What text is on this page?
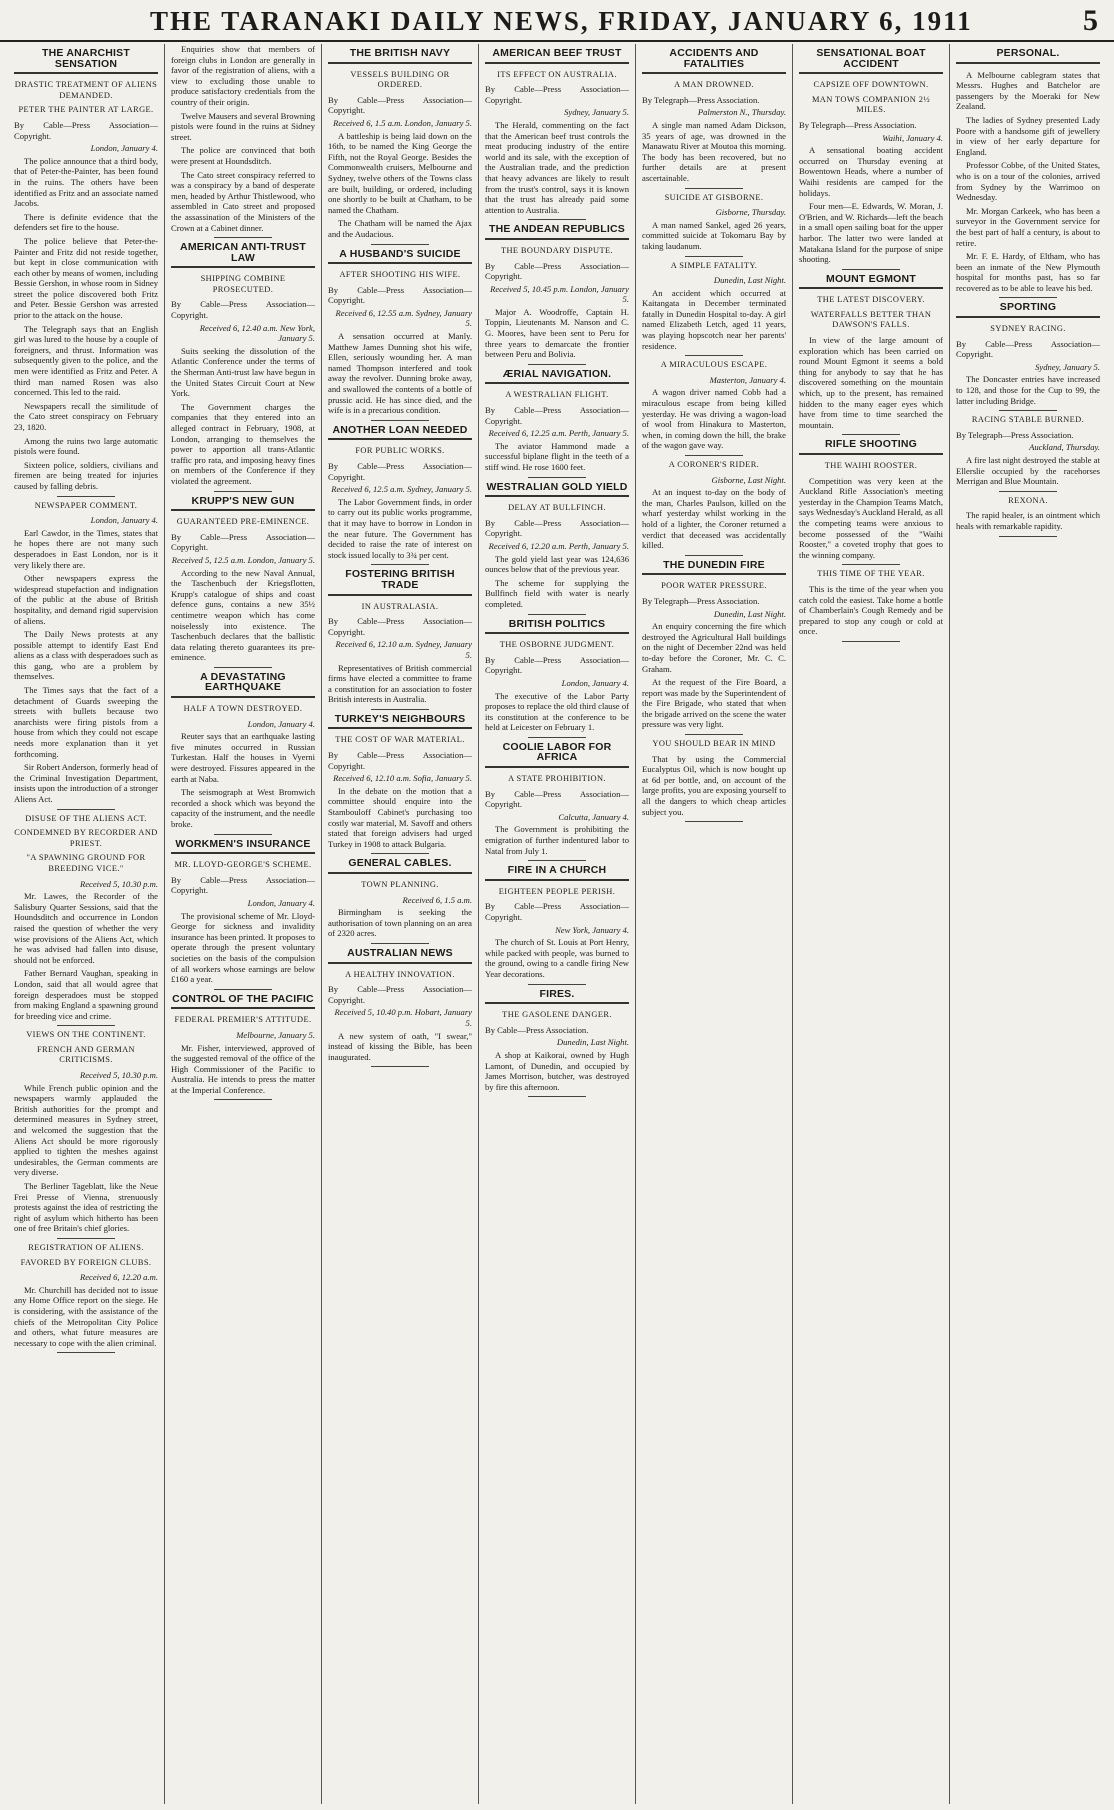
THE TARANAKI DAILY NEWS, FRIDAY, JANUARY 6, 1911	5
THE ANARCHIST SENSATION
DRASTIC TREATMENT OF ALIENS DEMANDED.
PETER THE PAINTER AT LARGE.
By Cable—Press Association—Copyright.
London, January 4.

The police announce that a third body, that of Peter-the-Painter, has been found in the ruins. The others have been identified as Fritz and an associate named Jacobs.

There is definite evidence that the defenders set fire to the house.

The police believe that Peter-the-Painter and Fritz did not reside together, but kept in close communication with each other by means of women, including Bessie Gershon, in whose room in Sidney street the police discovered both Fritz and Peter. Bessie Gershon was arrested prior to the attack on the house.

The Telegraph says that an English girl was lured to the house by a couple of foreigners, and thrust. Information was subsequently given to the police, and the men were identified as Fritz and Peter. A third man named Rosen was also concerned. This led to the raid.

Newspapers recall the similitude of the Cato street conspiracy on February 23, 1820.

Among the ruins two large automatic pistols were found.

Sixteen police, soldiers, civilians and firemen are being treated for injuries caused by falling debris.

NEWSPAPER COMMENT.
London, January 4.

Earl Cawdor, in the Times, states that he hopes there are not many such desperadoes in East London, nor is it very likely there are.

Other newspapers express the widespread stupefaction and indignation of the public at the abuse of British hospitality, and demand rigid supervision of aliens.

The Daily News protests at any possible attempt to identify East End aliens as a class with desperadoes such as this gang, who are a problem by themselves.

The Times says that the fact of a detachment of Guards sweeping the streets with bullets because two anarchists were firing pistols from a house from which they could not escape needs more explanation than it yet forthcoming.

Sir Robert Anderson, formerly head of the Criminal Investigation Department, insists upon the introduction of a stronger Aliens Act.

DISUSE OF THE ALIENS ACT.
CONDEMNED BY RECORDER AND PRIEST.
"A SPAWNING GROUND FOR BREEDING VICE."
Received 5, 10.30 p.m.

Mr. Lawes, the Recorder of the Salisbury Quarter Sessions, said that the Houndsditch and occurrence in London raised the question of whether the very wise provisions of the Aliens Act, which he was advised had fallen into disuse, should not be enforced.

Father Bernard Vaughan, speaking in London, said that all would agree that foreign desperadoes must be stopped from making England a spawning ground for breeding vice and crime.

VIEWS ON THE CONTINENT.
FRENCH AND GERMAN CRITICISMS.
Received 5, 10.30 p.m.

While French public opinion and the newspapers warmly applauded the British authorities for the prompt and determined measures in Sydney street, and welcomed the suggestion that the Aliens Act should be more rigorously applied to tighten the meshes against undesirables, the German comments are very diverse.

The Berliner Tageblatt, like the Neue Frei Presse of Vienna, strenuously protests against the idea of restricting the right of asylum which hitherto has been one of free Britain's chief glories.

REGISTRATION OF ALIENS.
FAVORED BY FOREIGN CLUBS.
Received 6, 12.20 a.m.

Mr. Churchill has decided not to issue any Home Office report on the siege. He is considering, with the assistance of the chiefs of the Metropolitan City Police and others, what future measures are necessary to cope with the alien criminal.

Enquiries show that members of foreign clubs in London are generally in favor of the registration of aliens, with a view to excluding those unable to produce satisfactory credentials from the country of their origin.

Twelve Mausers and several Browning pistols were found in the ruins at Sidney street.

The police are convinced that both were present at Houndsditch.

The Cato street conspiracy referred to was a conspiracy by a band of desperate men, headed by Arthur Thistlewood, who assembled in Cato street and proposed the assassination of the Ministers of the Crown at a Cabinet dinner.

AMERICAN ANTI-TRUST LAW
SHIPPING COMBINE PROSECUTED.
By Cable—Press Association—Copyright.
Received 6, 12.40 a.m. New York, January 5.

Suits seeking the dissolution of the Atlantic Conference under the terms of the Sherman Anti-trust law have begun in the United States Circuit Court at New York.

The Government charges the companies that they entered into an alleged contract in February, 1908, at London, arranging to themselves the power to apportion all trans-Atlantic traffic pro rata, and imposing heavy fines on members of the Conference if they violated the agreement.

KRUPP'S NEW GUN
GUARANTEED PRE-EMINENCE.
By Cable—Press Association—Copyright.
Received 5, 12.5 a.m. London, January 5.

According to the new Naval Annual, the Taschenbuch der Kriegsflotten, Krupp's catalogue of ships and coast defence guns, contains a new 35½ centimetre weapon which has come noiselessly into existence. The Taschenbuch declares that the ballistic data relating thereto guarantees its pre-eminence.

A DEVASTATING EARTHQUAKE
HALF A TOWN DESTROYED.
London, January 4.

Reuter says that an earthquake lasting five minutes occurred in Russian Turkestan. Half the houses in Vyerni were destroyed. Fissures appeared in the earth at Naba.

The seismograph at West Bromwich recorded a shock which was beyond the capacity of the instrument, and the needle broke.

WORKMEN'S INSURANCE
MR. LLOYD-GEORGE'S SCHEME.
By Cable—Press Association—Copyright.
London, January 4.

The provisional scheme of Mr. Lloyd-George for sickness and invalidity insurance has been printed. It proposes to operate through the present voluntary societies on the basis of the compulsion of all workers whose earnings are below £160 a year.

CONTROL OF THE PACIFIC
FEDERAL PREMIER'S ATTITUDE.
Melbourne, January 5.

Mr. Fisher, interviewed, approved of the suggested removal of the office of the High Commissioner of the Pacific to Australia. He intends to press the matter at the Imperial Conference.

THE BRITISH NAVY
VESSELS BUILDING OR ORDERED.
By Cable—Press Association—Copyright.
Received 6, 1.5 a.m. London, January 5.

A battleship is being laid down on the 16th, to be named the King George the Fifth, not the Royal George. Besides the Commonwealth cruisers, Melbourne and Sydney, twelve others of the Towns class are built, building, or ordered, including one shortly to be built at Chatham, to be named the Chatham.

The Chatham will be named the Ajax and the Audacious.

A HUSBAND'S SUICIDE
AFTER SHOOTING HIS WIFE.
By Cable—Press Association—Copyright.
Received 6, 12.55 a.m. Sydney, January 5.

A sensation occurred at Manly. Matthew James Dunning shot his wife, Ellen, seriously wounding her. A man named Thompson interfered and took away the revolver. Dunning broke away, and swallowed the contents of a bottle of prussic acid. He has since died, and the wife is in a precarious condition.

ANOTHER LOAN NEEDED
FOR PUBLIC WORKS.
By Cable—Press Association—Copyright.
Received 6, 12.5 a.m. Sydney, January 5.

The Labor Government finds, in order to carry out its public works programme, that it may have to borrow in London in the near future. The Government has decided to raise the rate of interest on stock issued locally to 3¾ per cent.

FOSTERING BRITISH TRADE
IN AUSTRALASIA.
By Cable—Press Association—Copyright.
Received 6, 12.10 a.m. Sydney, January 5.

Representatives of British commercial firms have elected a committee to frame a constitution for an association to foster British interests in Australia.

TURKEY'S NEIGHBOURS
THE COST OF WAR MATERIAL.
By Cable—Press Association—Copyright.
Received 6, 12.10 a.m. Sofia, January 5.

In the debate on the motion that a committee should enquire into the Stambouloff Cabinet's purchasing too costly war material, M. Savoff and others stated that foreign advisers had urged Turkey in 1908 to attack Bulgaria.

GENERAL CABLES.
TOWN PLANNING.
Received 6, 1.5 a.m.

Birmingham is seeking the authorisation of town planning on an area of 2320 acres.

AUSTRALIAN NEWS
A HEALTHY INNOVATION.
By Cable—Press Association—Copyright.
Received 5, 10.40 p.m. Hobart, January 5.

A new system of oath, "I swear," instead of kissing the Bible, has been inaugurated.

AMERICAN BEEF TRUST
ITS EFFECT ON AUSTRALIA.
By Cable—Press Association—Copyright.
Sydney, January 5.

The Herald, commenting on the fact that the American beef trust controls the meat producing industry of the entire world and its sale, with the exception of the Australian trade, and the prediction that heavy advances are likely to result from the trust's control, says it is known that the trust has already paid some attention to Australia.

THE ANDEAN REPUBLICS
THE BOUNDARY DISPUTE.
By Cable—Press Association—Copyright.
Received 5, 10.45 p.m. London, January 5.

Major A. Woodroffe, Captain H. Toppin, Lieutenants M. Nanson and C. G. Moores, have been sent to Peru for three years to demarcate the frontier between Peru and Bolivia.

ÆRIAL NAVIGATION.
A WESTRALIAN FLIGHT.
By Cable—Press Association—Copyright.
Received 6, 12.25 a.m. Perth, January 5.

The aviator Hammond made a successful biplane flight in the teeth of a stiff wind. He rose 1600 feet.

WESTRALIAN GOLD YIELD
DELAY AT BULLFINCH.
By Cable—Press Association—Copyright.
Received 6, 12.20 a.m. Perth, January 5.

The gold yield last year was 124,636 ounces below that of the previous year.

The scheme for supplying the Bullfinch field with water is nearly completed.

BRITISH POLITICS
THE OSBORNE JUDGMENT.
By Cable—Press Association—Copyright.
London, January 4.

The executive of the Labor Party proposes to replace the old third clause of its constitution at the conference to be held at Leicester on February 1.

COOLIE LABOR FOR AFRICA
A STATE PROHIBITION.
By Cable—Press Association—Copyright.
Calcutta, January 4.

The Government is prohibiting the emigration of further indentured labor to Natal from July 1.

FIRE IN A CHURCH
EIGHTEEN PEOPLE PERISH.
By Cable—Press Association—Copyright.
New York, January 4.

The church of St. Louis at Port Henry, while packed with people, was burned to the ground, owing to a candle firing New Year decorations.

FIRES.
THE GASOLENE DANGER.
By Cable—Press Association.
Dunedin, Last Night.

A shop at Kaikorai, owned by Hugh Lamont, of Dunedin, and occupied by James Morrison, butcher, was destroyed by fire this afternoon.

ACCIDENTS AND FATALITIES
A MAN DROWNED.
By Telegraph—Press Association.
Palmerston N., Thursday.

A single man named Adam Dickson, 35 years of age, was drowned in the Manawatu River at Moutoa this morning. The body has been recovered, but no further details are at present ascertainable.

SUICIDE AT GISBORNE.
Gisborne, Thursday.

A man named Sankel, aged 26 years, committed suicide at Tokomaru Bay by taking laudanum.

A SIMPLE FATALITY.
Dunedin, Last Night.

An accident which occurred at Kaitangata in December terminated fatally in Dunedin Hospital to-day. A girl named Elizabeth Letch, aged 11 years, was playing hopscotch near her parents' residence.

A MIRACULOUS ESCAPE.
Masterton, January 4.

A wagon driver named Cobb had a miraculous escape from being killed yesterday. He was driving a wagon-load of wool from Hinakura to Masterton, when, in coming down the hill, the brake of the wagon gave way.

A CORONER'S RIDER.
Gisborne, Last Night.

At an inquest to-day on the body of the man, Charles Paulson, killed on the wharf yesterday whilst working in the hold of a lighter, the Coroner returned a verdict that deceased was accidentally killed.

THE DUNEDIN FIRE
POOR WATER PRESSURE.
By Telegraph—Press Association.
Dunedin, Last Night.

An enquiry concerning the fire which destroyed the Agricultural Hall buildings on the night of December 22nd was held to-day before the Coroner, Mr. C. C. Graham.

At the request of the Fire Board, a report was made by the Superintendent of the Fire Brigade, who stated that when the brigade arrived on the scene the water pressure was very light.

YOU SHOULD BEAR IN MIND

That by using the Commercial Eucalyptus Oil, which is now bought up at 6d per bottle, and, on account of the large profits, you are exposing yourself to all the dangers to which cheap articles subject you.

SENSATIONAL BOAT ACCIDENT
CAPSIZE OFF DOWNTOWN.
MAN TOWS COMPANION 2½ MILES.
By Telegraph—Press Association.
Waihi, January 4.

A sensational boating accident occurred on Thursday evening at Bowentown Heads, where a number of Waihi residents are camped for the holidays.

Four men—E. Edwards, W. Moran, J. O'Brien, and W. Richards—left the beach in a small open sailing boat for the upper harbor. The latter two were landed at Matakana Island for the purpose of snipe shooting.

MOUNT EGMONT
THE LATEST DISCOVERY.
WATERFALLS BETTER THAN DAWSON'S FALLS.

In view of the large amount of exploration which has been carried on round Mount Egmont it seems a bold thing for anybody to say that he has discovered something on the mountain which, up to the present, has remained hidden to the many eager eyes which have from time to time searched the mountain.

RIFLE SHOOTING
THE WAIHI ROOSTER.

Competition was very keen at the Auckland Rifle Association's meeting yesterday in the Champion Teams Match, says Wednesday's Auckland Herald, as all the competing teams were anxious to become possessed of the "Waihi Rooster," a coveted trophy that goes to the winning company.

THIS TIME OF THE YEAR.

This is the time of the year when you catch cold the easiest. Take home a bottle of Chamberlain's Cough Remedy and be prepared to stop any cough or cold at once.

PERSONAL.

A Melbourne cablegram states that Messrs. Hughes and Batchelor are passengers by the Moeraki for New Zealand.

The ladies of Sydney presented Lady Poore with a handsome gift of jewellery in view of her early departure for England.

Professor Cobbe, of the United States, who is on a tour of the colonies, arrived from Sydney by the Warrimoo on Wednesday.

Mr. Morgan Carkeek, who has been a surveyor in the Government service for the best part of half a century, is about to retire.

Mr. F. E. Hardy, of Eltham, who has been an inmate of the New Plymouth hospital for months past, has so far recovered as to be able to leave his bed.

SPORTING
SYDNEY RACING.
By Cable—Press Association—Copyright.
Sydney, January 5.

The Doncaster entries have increased to 128, and those for the Cup to 99, the latter including Bridge.

RACING STABLE BURNED.
By Telegraph—Press Association.
Auckland, Thursday.

A fire last night destroyed the stable at Ellerslie occupied by the racehorses Merrigan and Blue Mountain.

REXONA.

The rapid healer, is an ointment which heals with remarkable rapidity.
